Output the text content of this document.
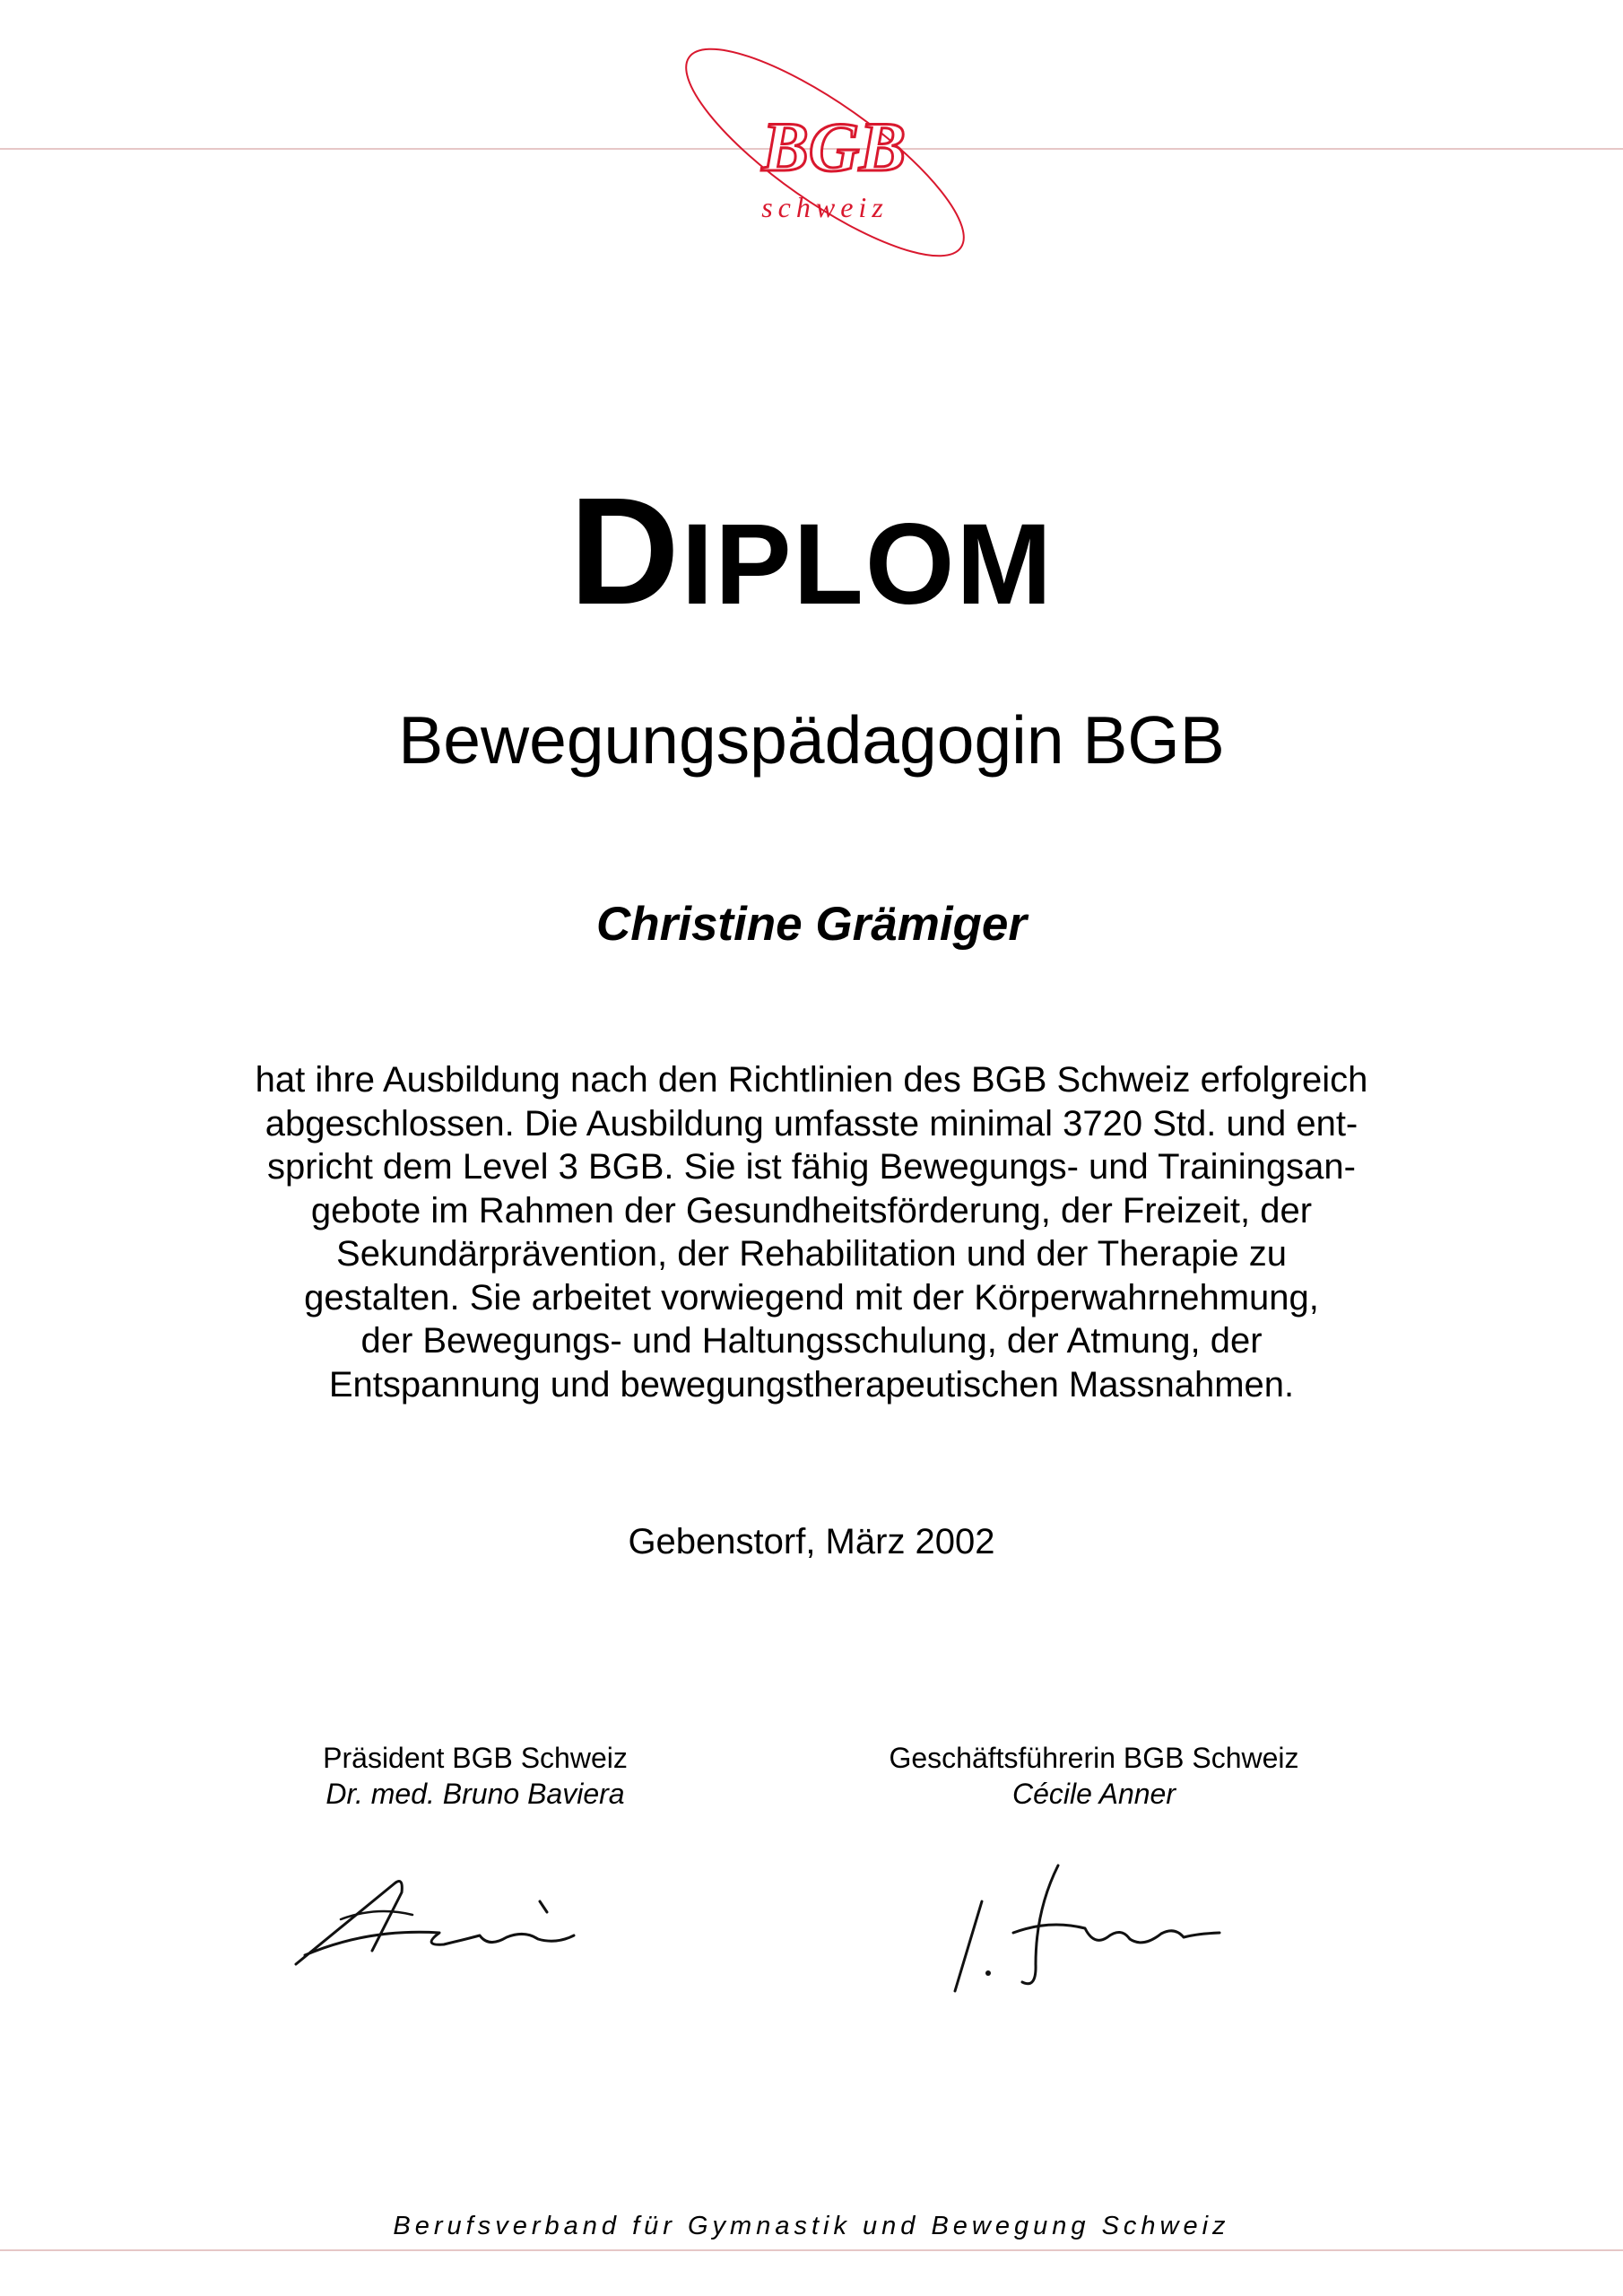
BGB
schweiz
DIPLOM
Bewegungspädagogin BGB
Christine Grämiger
hat ihre Ausbildung nach den Richtlinien des BGB Schweiz erfolgreich
abgeschlossen. Die Ausbildung umfasste minimal 3720 Std. und ent-
spricht dem Level 3 BGB. Sie ist fähig Bewegungs- und Trainingsan-
gebote im Rahmen der Gesundheitsförderung, der Freizeit, der
Sekundärprävention, der Rehabilitation und der Therapie zu
gestalten. Sie arbeitet vorwiegend mit der Körperwahrnehmung,
der Bewegungs- und Haltungsschulung, der Atmung, der
Entspannung und bewegungstherapeutischen Massnahmen.
Gebenstorf, März 2002
Präsident BGB Schweiz
Dr. med. Bruno Baviera
Geschäftsführerin BGB Schweiz
Cécile Anner
Berufsverband für Gymnastik und Bewegung Schweiz
